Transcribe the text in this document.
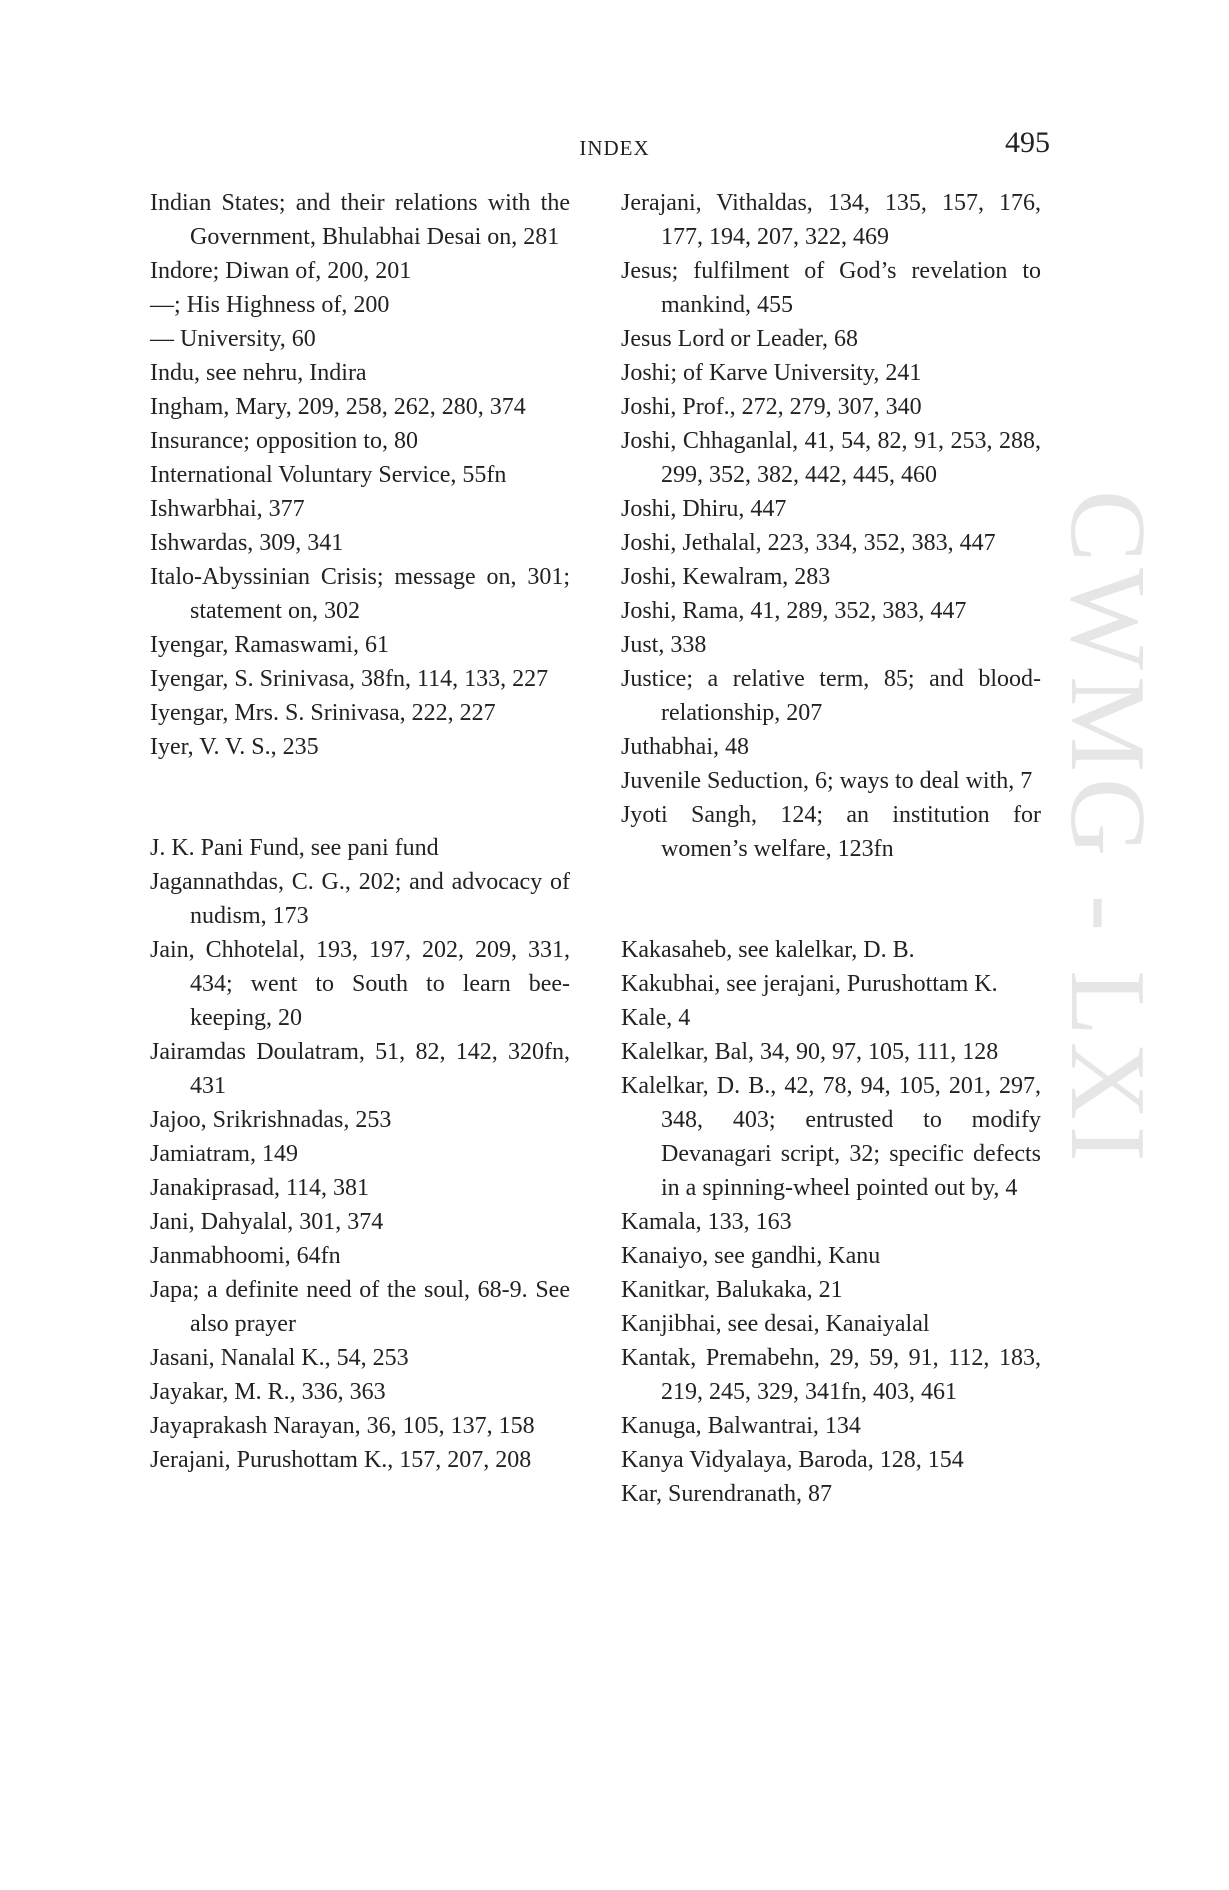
INDEX	495
CWMG - LXI
Indian States; and their relations with the Government, Bhulabhai Desai on, 281
Indore; Diwan of, 200, 201
—; His Highness of, 200
— University, 60
Indu, see nehru, Indira
Ingham, Mary, 209, 258, 262, 280, 374
Insurance; opposition to, 80
International Voluntary Service, 55fn
Ishwarbhai, 377
Ishwardas, 309, 341
Italo-Abyssinian Crisis; message on, 301; statement on, 302
Iyengar, Ramaswami, 61
Iyengar, S. Srinivasa, 38fn, 114, 133, 227
Iyengar, Mrs. S. Srinivasa, 222, 227
Iyer, V. V. S., 235
J. K. Pani Fund, see pani fund
Jagannathdas, C. G., 202; and advocacy of nudism, 173
Jain, Chhotelal, 193, 197, 202, 209, 331, 434; went to South to learn bee-keeping, 20
Jairamdas Doulatram, 51, 82, 142, 320fn, 431
Jajoo, Srikrishnadas, 253
Jamiatram, 149
Janakiprasad, 114, 381
Jani, Dahyalal, 301, 374
Janmabhoomi, 64fn
Japa; a definite need of the soul, 68-9. See also prayer
Jasani, Nanalal K., 54, 253
Jayakar, M. R., 336, 363
Jayaprakash Narayan, 36, 105, 137, 158
Jerajani, Purushottam K., 157, 207, 208
Jerajani, Vithaldas, 134, 135, 157, 176, 177, 194, 207, 322, 469
Jesus; fulfilment of God’s revelation to mankind, 455
Jesus Lord or Leader, 68
Joshi; of Karve University, 241
Joshi, Prof., 272, 279, 307, 340
Joshi, Chhaganlal, 41, 54, 82, 91, 253, 288, 299, 352, 382, 442, 445, 460
Joshi, Dhiru, 447
Joshi, Jethalal, 223, 334, 352, 383, 447
Joshi, Kewalram, 283
Joshi, Rama, 41, 289, 352, 383, 447
Just, 338
Justice; a relative term, 85; and blood-relationship, 207
Juthabhai, 48
Juvenile Seduction, 6; ways to deal with, 7
Jyoti Sangh, 124; an institution for women’s welfare, 123fn
Kakasaheb, see kalelkar, D. B.
Kakubhai, see jerajani, Purushottam K.
Kale, 4
Kalelkar, Bal, 34, 90, 97, 105, 111, 128
Kalelkar, D. B., 42, 78, 94, 105, 201, 297, 348, 403; entrusted to modify Devanagari script, 32; specific defects in a spinning-wheel pointed out by, 4
Kamala, 133, 163
Kanaiyo, see gandhi, Kanu
Kanitkar, Balukaka, 21
Kanjibhai, see desai, Kanaiyalal
Kantak, Premabehn, 29, 59, 91, 112, 183, 219, 245, 329, 341fn, 403, 461
Kanuga, Balwantrai, 134
Kanya Vidyalaya, Baroda, 128, 154
Kar, Surendranath, 87
